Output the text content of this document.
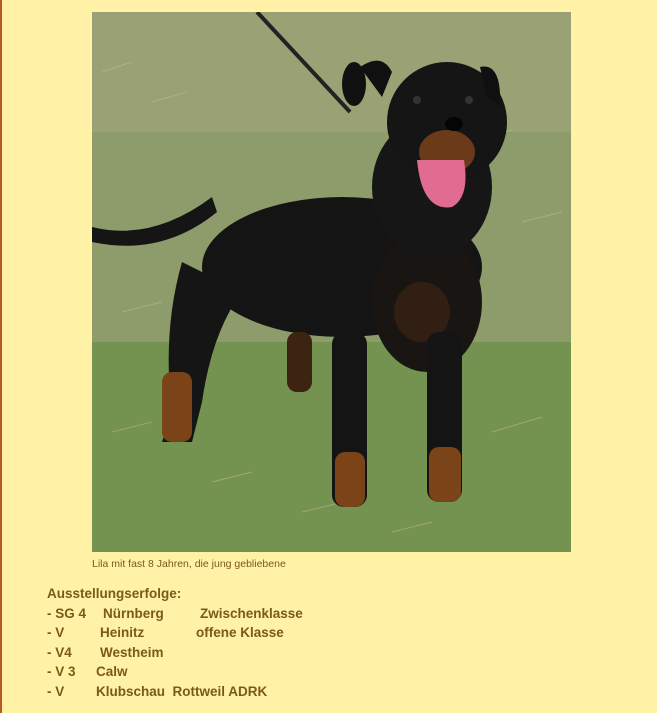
Lila mit fast 8 Jahren, die jung gebliebene
Ausstellungserfolge:
- SG 4 Nürnberg	Zwischenklasse
- V	Heinitz	offene Klasse
- V4 Westheim
- V 3 Calw
- V Klubschau  Rottweil ADRK
